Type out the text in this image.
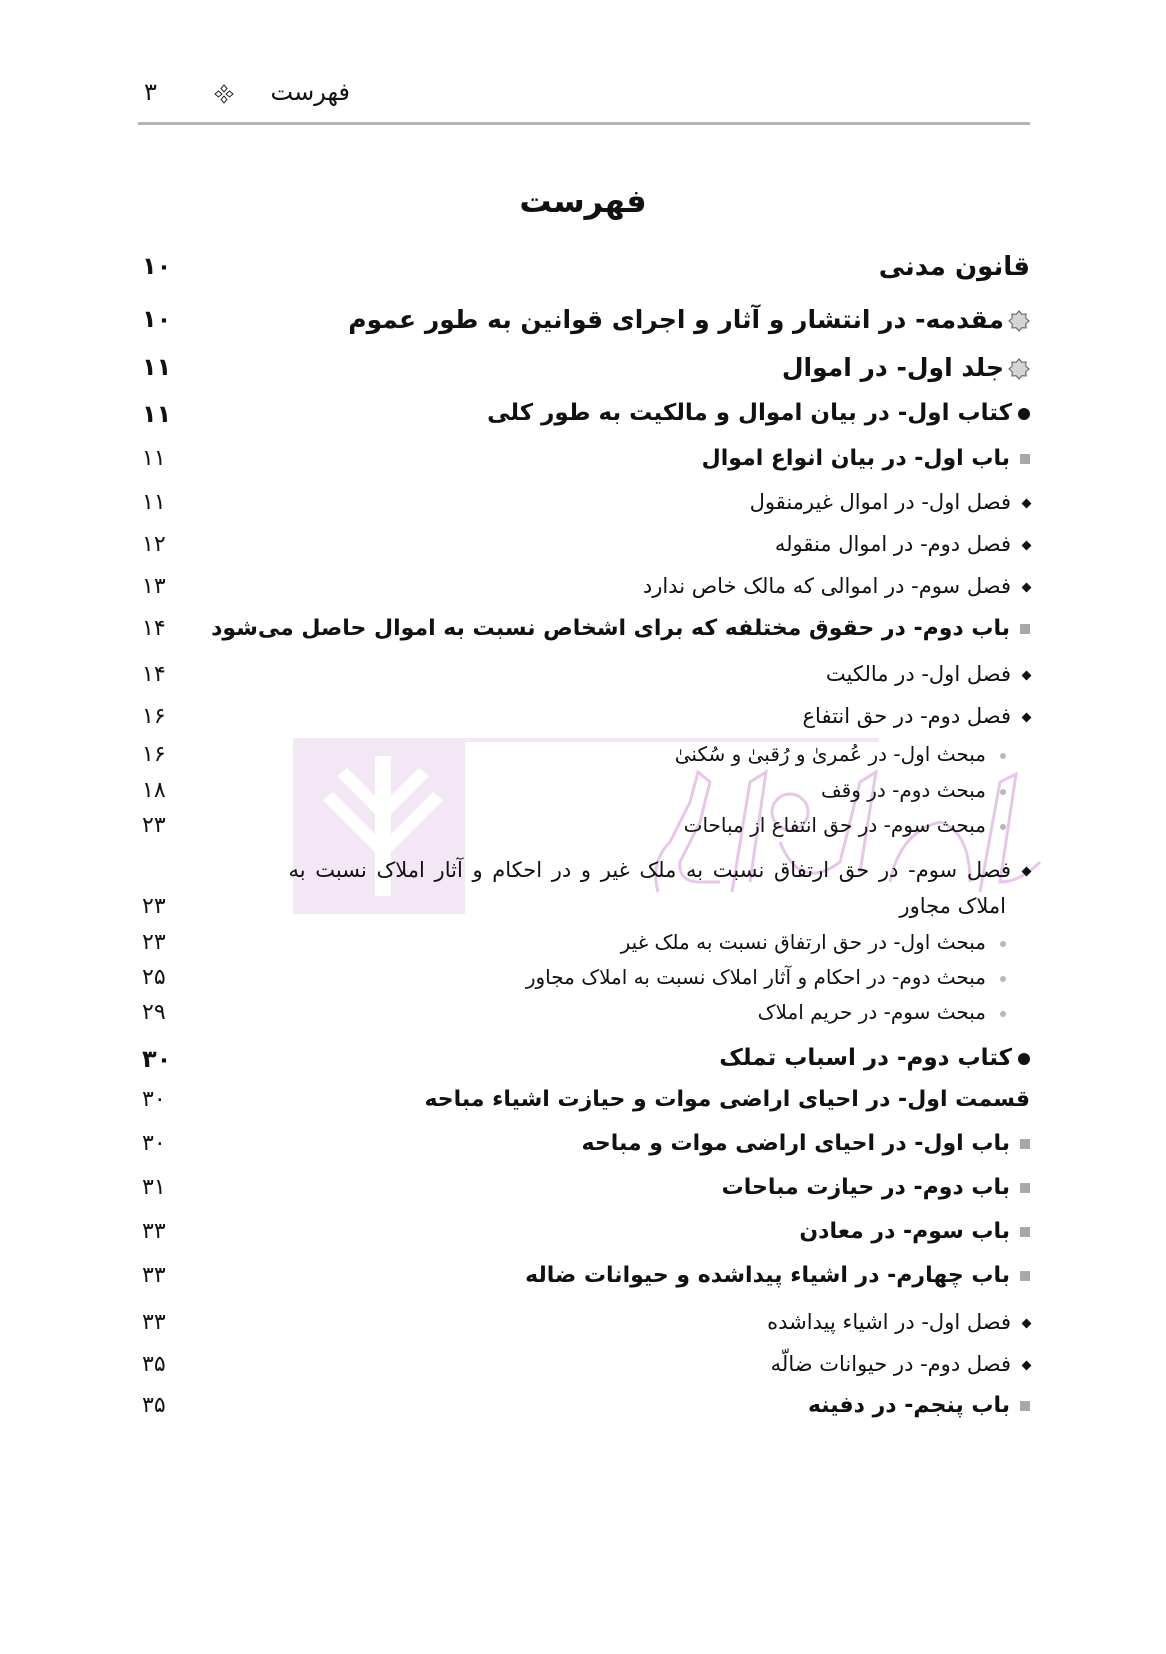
فهرست
۳
فهرست
قانون مدنی
۱۰
مقدمه- در انتشار و آثار و اجرای قوانین به طور عموم
۱۰
جلد اول- در اموال
۱۱
کتاب اول- در بیان اموال و مالکیت به طور کلی
۱۱
باب اول- در بیان انواع اموال
۱۱
فصل اول- در اموال غیرمنقول
۱۱
فصل دوم- در اموال منقوله
۱۲
فصل سوم- در اموالی که مالک خاص ندارد
۱۳
باب دوم- در حقوق مختلفه که برای اشخاص نسبت به اموال حاصل می‌شود
۱۴
فصل اول- در مالکیت
۱۴
فصل دوم- در حق انتفاع
۱۶
مبحث اول- در عُمریٰ و رُقبیٰ و سُکنیٰ
۱۶
مبحث دوم- در وقف
۱۸
مبحث سوم- در حق انتفاع از مباحات
۲۳
فصل سوم- در حق ارتفاق نسبت به ملک غیر و در احکام و آثار املاک نسبت به
املاک مجاور
۲۳
مبحث اول- در حق ارتفاق نسبت به ملک غیر
۲۳
مبحث دوم- در احکام و آثار املاک نسبت به املاک مجاور
۲۵
مبحث سوم- در حریم املاک
۲۹
کتاب دوم- در اسباب تملک
۳۰
قسمت اول- در احیای اراضی موات و حیازت اشیاء مباحه
۳۰
باب اول- در احیای اراضی موات و مباحه
۳۰
باب دوم- در حیازت مباحات
۳۱
باب سوم- در معادن
۳۳
باب چهارم- در اشیاء پیداشده و حیوانات ضاله
۳۳
فصل اول- در اشیاء پیداشده
۳۳
فصل دوم- در حیوانات ضالّه
۳۵
باب پنجم- در دفینه
۳۵
